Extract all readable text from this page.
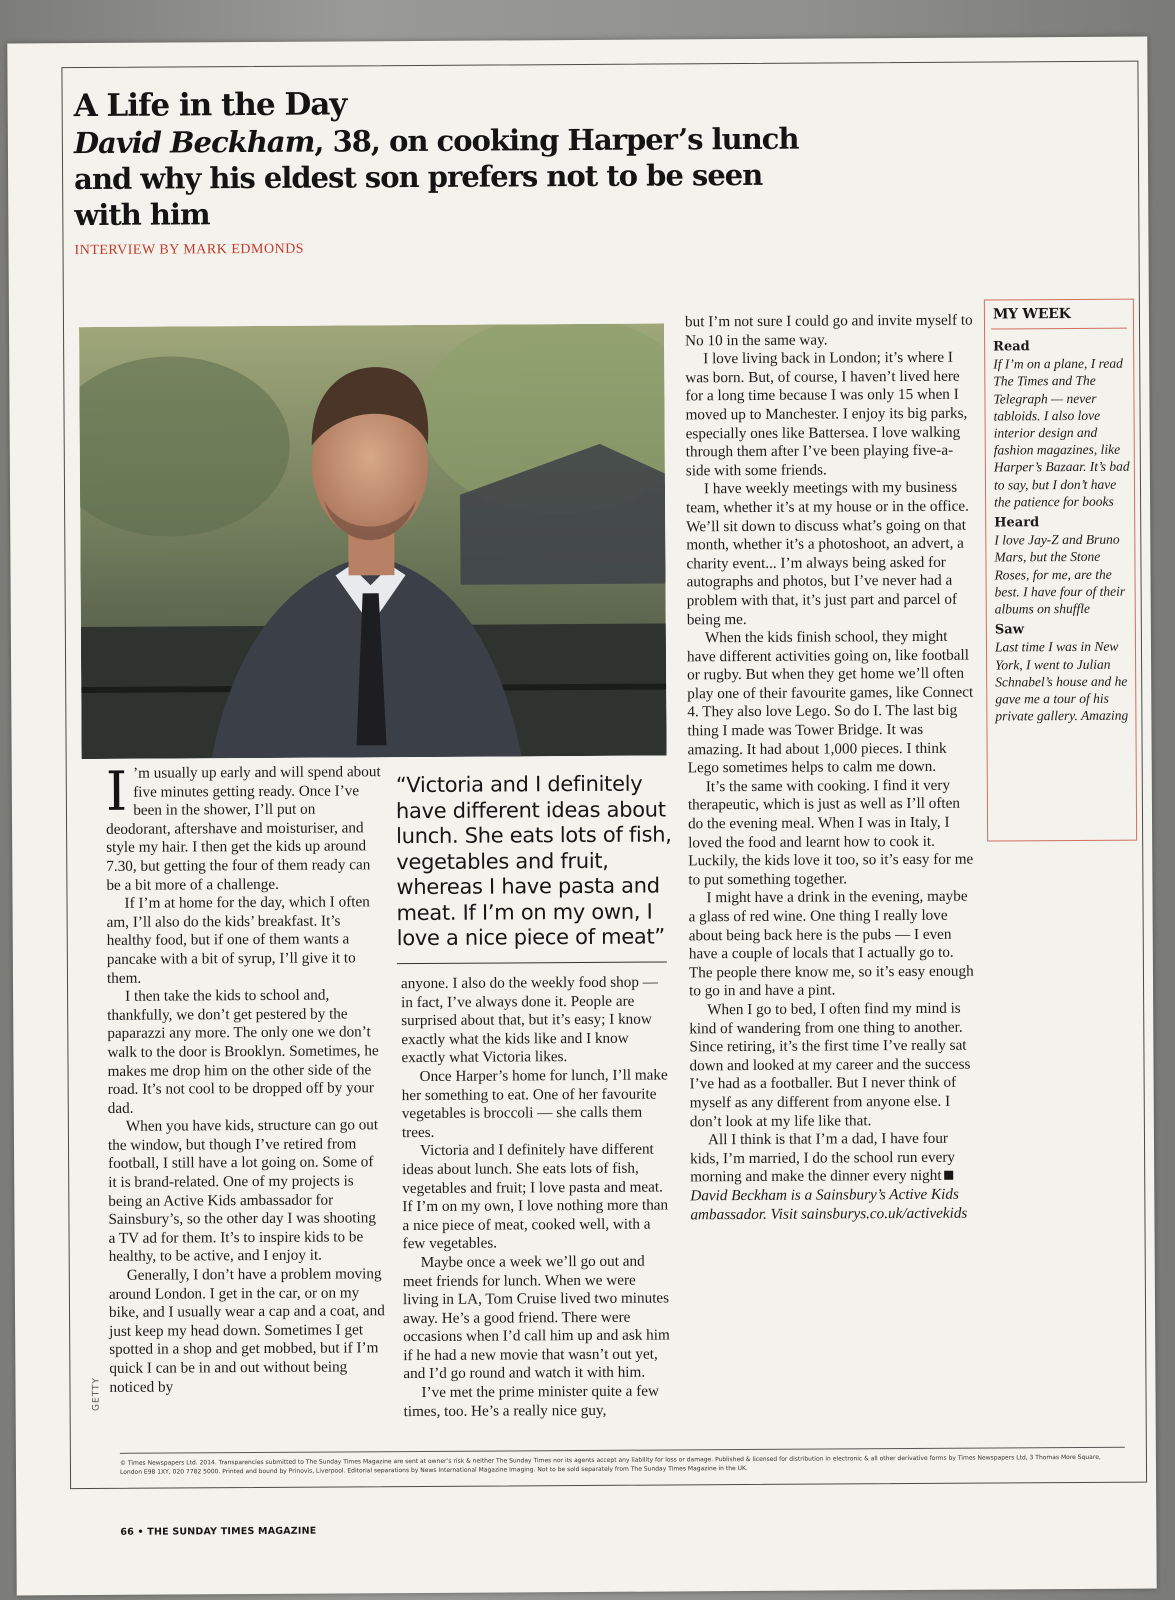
A Life in the Day
David Beckham, 38, on cooking Harper’s lunch and why his eldest son prefers not to be seen with him
INTERVIEW BY MARK EDMONDS
I ’m usually up early and will spend about five minutes getting ready. Once I’ve been in the shower, I’ll put on deodorant, aftershave and moisturiser, and style my hair. I then get the kids up around 7.30, but getting the four of them ready can be a bit more of a challenge.

If I’m at home for the day, which I often am, I’ll also do the kids’ breakfast. It’s healthy food, but if one of them wants a pancake with a bit of syrup, I’ll give it to them.

I then take the kids to school and, thankfully, we don’t get pestered by the paparazzi any more. The only one we don’t walk to the door is Brooklyn. Sometimes, he makes me drop him on the other side of the road. It’s not cool to be dropped off by your dad.

When you have kids, structure can go out the window, but though I’ve retired from football, I still have a lot going on. Some of it is brand-related. One of my projects is being an Active Kids ambassador for Sainsbury’s, so the other day I was shooting a TV ad for them. It’s to inspire kids to be healthy, to be active, and I enjoy it.

Generally, I don’t have a problem moving around London. I get in the car, or on my bike, and I usually wear a cap and a coat, and just keep my head down. Sometimes I get spotted in a shop and get mobbed, but if I’m quick I can be in and out without being noticed by

“Victoria and I definitely have different ideas about lunch. She eats lots of fish, vegetables and fruit, whereas I have pasta and meat. If I’m on my own, I love a nice piece of meat”

anyone. I also do the weekly food shop — in fact, I’ve always done it. People are surprised about that, but it’s easy; I know exactly what the kids like and I know exactly what Victoria likes.

Once Harper’s home for lunch, I’ll make her something to eat. One of her favourite vegetables is broccoli — she calls them trees.

Victoria and I definitely have different ideas about lunch. She eats lots of fish, vegetables and fruit; I love pasta and meat. If I’m on my own, I love nothing more than a nice piece of meat, cooked well, with a few vegetables.

Maybe once a week we’ll go out and meet friends for lunch. When we were living in LA, Tom Cruise lived two minutes away. He’s a good friend. There were occasions when I’d call him up and ask him if he had a new movie that wasn’t out yet, and I’d go round and watch it with him.

I’ve met the prime minister quite a few times, too. He’s a really nice guy,

but I’m not sure I could go and invite myself to No 10 in the same way.

I love living back in London; it’s where I was born. But, of course, I haven’t lived here for a long time because I was only 15 when I moved up to Manchester. I enjoy its big parks, especially ones like Battersea. I love walking through them after I’ve been playing five-a-side with some friends.

I have weekly meetings with my business team, whether it’s at my house or in the office. We’ll sit down to discuss what’s going on that month, whether it’s a photoshoot, an advert, a charity event... I’m always being asked for autographs and photos, but I’ve never had a problem with that, it’s just part and parcel of being me.

When the kids finish school, they might have different activities going on, like football or rugby. But when they get home we’ll often play one of their favourite games, like Connect 4. They also love Lego. So do I. The last big thing I made was Tower Bridge. It was amazing. It had about 1,000 pieces. I think Lego sometimes helps to calm me down.

It’s the same with cooking. I find it very therapeutic, which is just as well as I’ll often do the evening meal. When I was in Italy, I loved the food and learnt how to cook it. Luckily, the kids love it too, so it’s easy for me to put something together.

I might have a drink in the evening, maybe a glass of red wine. One thing I really love about being back here is the pubs — I even have a couple of locals that I actually go to. The people there know me, so it’s easy enough to go in and have a pint.

When I go to bed, I often find my mind is kind of wandering from one thing to another. Since retiring, it’s the first time I’ve really sat down and looked at my career and the success I’ve had as a footballer. But I never think of myself as any different from anyone else. I don’t look at my life like that.

All I think is that I’m a dad, I have four kids, I’m married, I do the school run every morning and make the dinner every night

David Beckham is a Sainsbury’s Active Kids ambassador. Visit sainsburys.co.uk/activekids

MY WEEK
Read
If I’m on a plane, I read The Times and The Telegraph — never tabloids. I also love interior design and fashion magazines, like Harper’s Bazaar. It’s bad to say, but I don’t have the patience for books
Heard
I love Jay-Z and Bruno Mars, but the Stone Roses, for me, are the best. I have four of their albums on shuffle
Saw
Last time I was in New York, I went to Julian Schnabel’s house and he gave me a tour of his private gallery. Amazing
GETTY
© Times Newspapers Ltd. 2014. Transparencies submitted to The Sunday Times Magazine are sent at owner’s risk & neither The Sunday Times nor its agents accept any liability for loss or damage. Published & licensed for distribution in electronic & all other derivative forms by Times Newspapers Ltd, 3 Thomas More Square, London E98 1XY, 020 7782 5000. Printed and bound by Prinovis, Liverpool. Editorial separations by News International Magazine Imaging. Not to be sold separately from The Sunday Times Magazine in the UK.
66 • THE SUNDAY TIMES MAGAZINE
